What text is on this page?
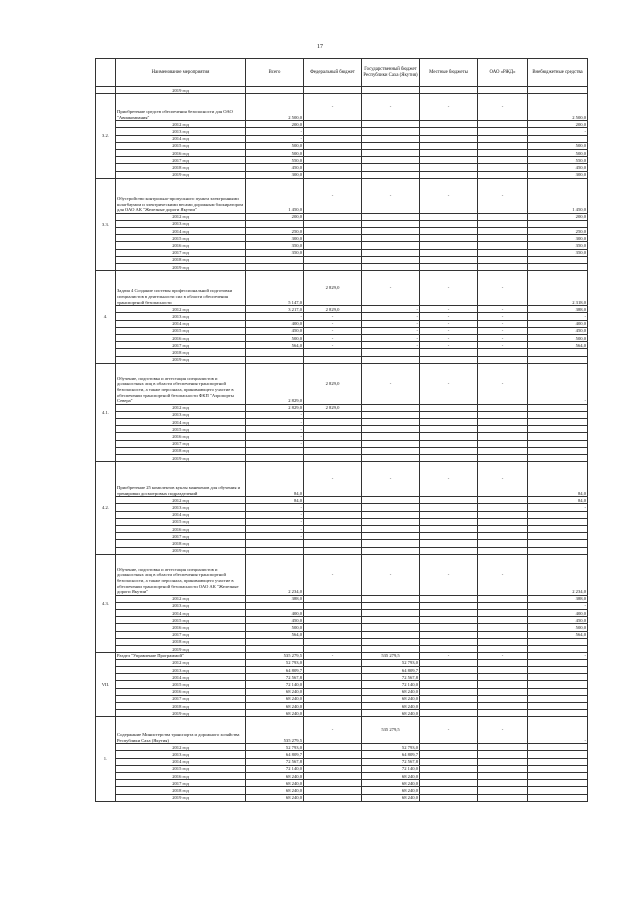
17
	Наименование мероприятия	Всего	Федеральный бюджет	Государственный бюджет Республики Саха (Якутия)	Местные бюджеты	ОАО «РЖД»	Внебюджетные средства
	2019 год						
3.2.	Приобретение средств обеспечения безопасности для ОАО "Авиакомпания"	2 500,0	-	-	-	-	2 500,0
	2012 год	200,0					200,0
	2013 год	-					-
	2014 год	-					
	2015 год	500,0					500,0
	2016 год	500,0					500,0
	2017 год	550,0					550,0
	2018 год	450,0					450,0
	2019 год	300,0					300,0
3.3.	Обустройство контрольно-пропускного пункта электронными шлагбаумом и электрическими весами дорожным блокиратором для ОАО АК "Железные дороги Якутии"	1 450,0	-	-	-	-	1 450,0
	2012 год	200,0					200,0
	2013 год						
	2014 год	250,0					250,0
	2015 год	300,0					300,0
	2016 год	350,0					350,0
	2017 год	350,0					350,0
	2018 год						
	2019 год						
4.	Задача 4 Создание системы профессиональной подготовки специалистов в деятельности сил в области обеспечения транспортной безопасности	5 147,0	2 829,0	-	-	-	2 318,0
	2012 год	3 217,0	2 829,0	-	-	-	388,0
	2013 год	-	-	-	-	-	-
	2014 год	400,0	-	-	-	-	400,0
	2015 год	450,0	-	-	-	-	450,0
	2016 год	500,0	-	-	-	-	500,0
	2017 год	564,0	-	-	-	-	564,0
	2018 год						
	2019 год						
4.1.	Обучение, подготовка и аттестация специалистов и должностных лиц в области обеспечения транспортной безопасности, а также персонала, принимающего участие в обеспечении транспортной безопасности ФКП "Аэропорты Севера"	2 829,0	2 829,0	-	-	-	-
	2012 год	2 829,0	2 829,0				
	2013 год	-					
	2014 год	-					
	2015 год	-					
	2016 год	-					
	2017 год	-					
	2018 год						
	2019 год						
4.2.	Приобретение 25 комплектов куклы манекенов для обучения и тренировки досмотровых подразделений	84,0	-	-	-	-	84,0
	2012 год	84,0					84,0
	2013 год	-					-
	2014 год	-					
	2015 год	-					
	2016 год	-					
	2017 год	-					
	2018 год						
	2019 год						
4.3.	Обучение, подготовка и аттестация специалистов и должностных лиц в области обеспечения транспортной безопасности, а также персонала, принимающего участие в обеспечении транспортной безопасности ОАО АК "Железные дороги Якутии"	2 234,0	-	-	-	-	2 234,0
	2012 год	388,0					388,0
	2013 год						-
	2014 год	400,0					400,0
	2015 год	450,0					450,0
	2016 год	500,0					500,0
	2017 год	564,0					564,0
	2018 год						
	2019 год						
VII.	Раздел "Управление Программой"	535 279,5	-	535 279,5	-	-	-
	2012 год	52 793,0		52 793,0			
	2013 год	64 809,7		64 809,7			
	2014 год	72 567,8		72 567,8			
	2015 год	72 140,0		72 140,0			
	2016 год	68 240,0		68 240,0			
	2017 год	68 240,0		68 240,0			
	2018 год	68 240,0		68 240,0			
	2019 год	68 240,0		68 240,0			
1.	Содержание Министерства транспорта и дорожного хозяйства Республики Саха (Якутия)	535 279,5	-	535 279,5	-	-	-
	2012 год	52 793,0		52 793,0			
	2013 год	64 809,7		64 809,7			
	2014 год	72 567,8		72 567,8			
	2015 год	72 140,0		72 140,0			
	2016 год	68 240,0		68 240,0			
	2017 год	68 240,0		68 240,0			
	2018 год	68 240,0		68 240,0			
	2019 год	68 240,0		68 240,0			
